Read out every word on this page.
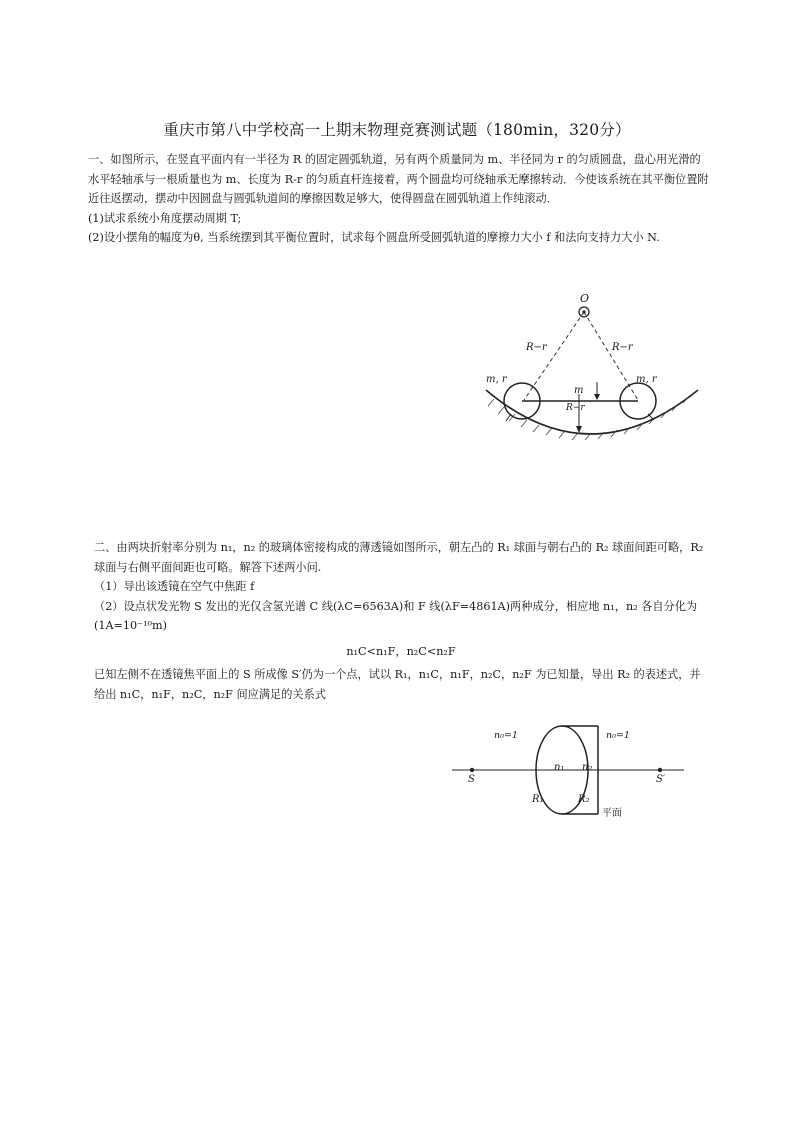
重庆市第八中学校高一上期末物理竞赛测试题（180min，320分）

一、如图所示，在竖直平面内有一半径为 R 的固定圆弧轨道，另有两个质量同为 m、半径同为 r 的匀质圆盘，盘心用光滑的水平轻轴承与一根质量也为 m、长度为 R-r 的匀质直杆连接着，两个圆盘均可绕轴承无摩擦转动．今使该系统在其平衡位置附近往返摆动，摆动中因圆盘与圆弧轨道间的摩擦因数足够大，使得圆盘在圆弧轨道上作纯滚动．

(1)试求系统小角度摆动周期 T;

(2)设小摆角的幅度为θ, 当系统摆到其平衡位置时，试求每个圆盘所受圆弧轨道的摩擦力大小 f 和法向支持力大小 N.

O
R−r	R−r
m, r	m, r
m
R−r

二、由两块折射率分别为 n₁，n₂ 的玻璃体密接构成的薄透镜如图所示，朝左凸的 R₁ 球面与朝右凸的 R₂ 球面间距可略，R₂球面与右侧平面间距也可略。解答下述两小问.

（1）导出该透镜在空气中焦距 f

（2）设点状发光物 S 发出的光仅含氢光谱 C 线(λC=6563A)和 F 线(λF=4861A)两种成分，相应地 n₁，n₂ 各自分化为(1A=10⁻¹⁰m)

n₁C<n₁F，n₂C<n₂F

已知左侧不在透镜焦平面上的 S 所成像 S′仍为一个点，试以 R₁，n₁C，n₁F，n₂C，n₂F 为已知量，导出 R₂ 的表述式，并给出 n₁C，n₁F，n₂C，n₂F 间应满足的关系式

n₀=1	n₀=1
n₁ n₂
S	S′
R₁	R₂
平面
